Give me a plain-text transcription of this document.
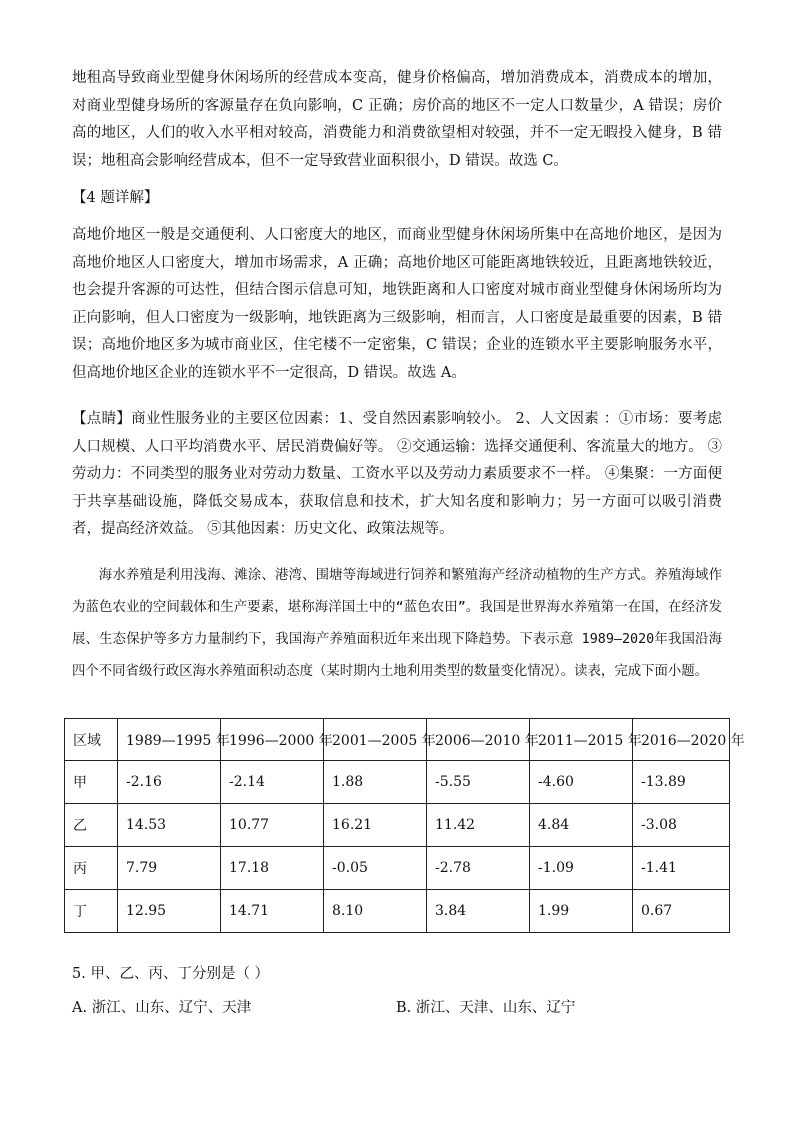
地租高导致商业型健身休闲场所的经营成本变高，健身价格偏高，增加消费成本，消费成本的增加，对商业型健身场所的客源量存在负向影响，C 正确；房价高的地区不一定人口数量少，A 错误；房价高的地区，人们的收入水平相对较高，消费能力和消费欲望相对较强，并不一定无暇投入健身，B 错误；地租高会影响经营成本，但不一定导致营业面积很小，D 错误。故选 C。

【4 题详解】

高地价地区一般是交通便利、人口密度大的地区，而商业型健身休闲场所集中在高地价地区，是因为高地价地区人口密度大，增加市场需求，A 正确；高地价地区可能距离地铁较近，且距离地铁较近，也会提升客源的可达性，但结合图示信息可知，地铁距离和人口密度对城市商业型健身休闲场所均为正向影响，但人口密度为一级影响，地铁距离为三级影响，相而言，人口密度是最重要的因素，B 错误；高地价地区多为城市商业区，住宅楼不一定密集，C 错误；企业的连锁水平主要影响服务水平，但高地价地区企业的连锁水平不一定很高，D 错误。故选 A。

【点睛】商业性服务业的主要区位因素：1、受自然因素影响较小。 2、人文因素 ：①市场：要考虑人口规模、人口平均消费水平、居民消费偏好等。 ②交通运输：选择交通便利、客流量大的地方。 ③劳动力：不同类型的服务业对劳动力数量、工资水平以及劳动力素质要求不一样。 ④集聚：一方面便于共享基础设施，降低交易成本，获取信息和技术，扩大知名度和影响力；另一方面可以吸引消费者，提高经济效益。 ⑤其他因素：历史文化、政策法规等。

海水养殖是利用浅海、滩涂、港湾、围塘等海域进行饲养和繁殖海产经济动植物的生产方式。养殖海域作为蓝色农业的空间载体和生产要素，堪称海洋国土中的“蓝色农田”。我国是世界海水养殖第一在国，在经济发展、生态保护等多方力量制约下，我国海产养殖面积近年来出现下降趋势。下表示意 1989—2020年我国沿海四个不同省级行政区海水养殖面积动态度（某时期内土地利用类型的数量变化情况）。读表，完成下面小题。

区域	1989—1995 年	1996—2000 年	2001—2005 年	2006—2010 年	2011—2015 年	2016—2020 年
甲	-2.16	-2.14	1.88	-5.55	-4.60	-13.89
乙	14.53	10.77	16.21	11.42	4.84	-3.08
丙	7.79	17.18	-0.05	-2.78	-1.09	-1.41
丁	12.95	14.71	8.10	3.84	1.99	0.67
5. 甲、乙、丙、丁分别是（ ）
A. 浙江、山东、辽宁、天津	B. 浙江、天津、山东、辽宁
